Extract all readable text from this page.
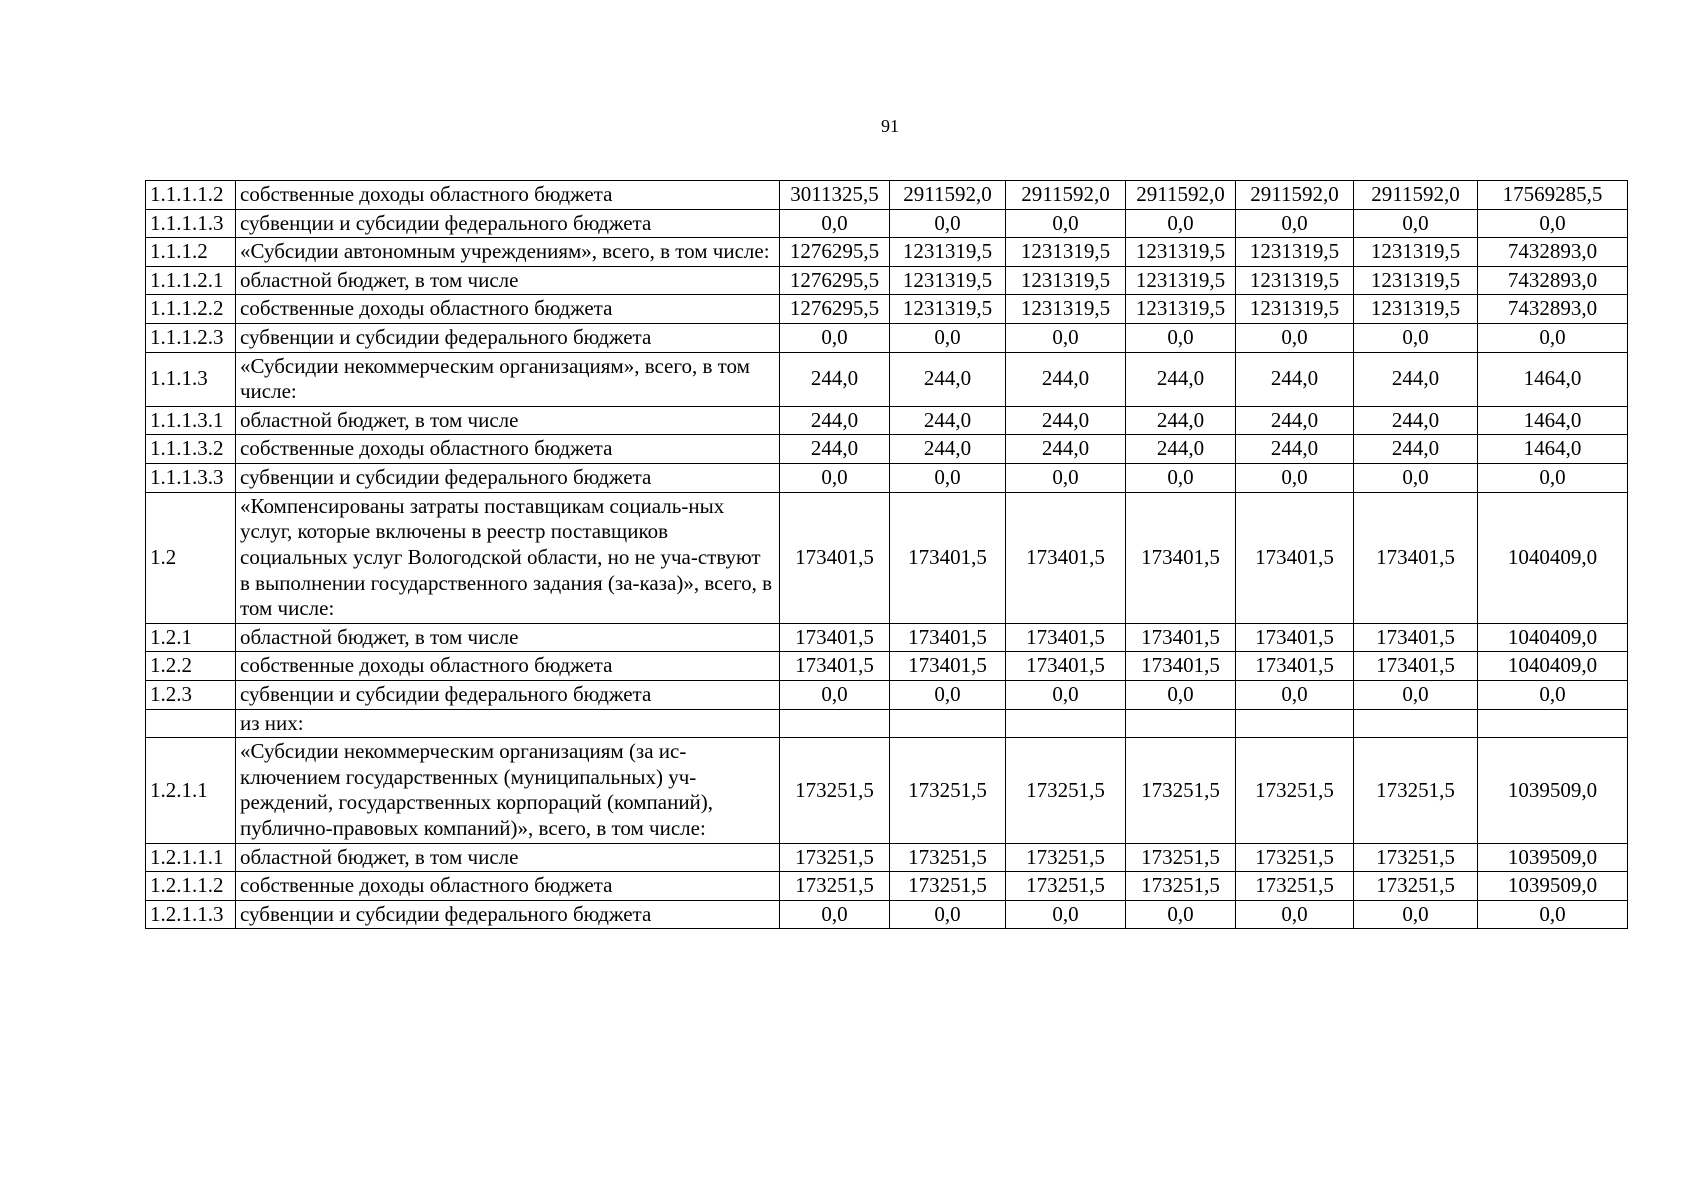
91
1.1.1.1.2	собственные доходы областного бюджета	3011325,5	2911592,0	2911592,0	2911592,0	2911592,0	2911592,0	17569285,5
1.1.1.1.3	субвенции и субсидии федерального бюджета	0,0	0,0	0,0	0,0	0,0	0,0	0,0
1.1.1.2	«Субсидии автономным учреждениям», всего, в том числе:	1276295,5	1231319,5	1231319,5	1231319,5	1231319,5	1231319,5	7432893,0
1.1.1.2.1	областной бюджет, в том числе	1276295,5	1231319,5	1231319,5	1231319,5	1231319,5	1231319,5	7432893,0
1.1.1.2.2	собственные доходы областного бюджета	1276295,5	1231319,5	1231319,5	1231319,5	1231319,5	1231319,5	7432893,0
1.1.1.2.3	субвенции и субсидии федерального бюджета	0,0	0,0	0,0	0,0	0,0	0,0	0,0
1.1.1.3	«Субсидии некоммерческим организациям», всего, в том числе:	244,0	244,0	244,0	244,0	244,0	244,0	1464,0
1.1.1.3.1	областной бюджет, в том числе	244,0	244,0	244,0	244,0	244,0	244,0	1464,0
1.1.1.3.2	собственные доходы областного бюджета	244,0	244,0	244,0	244,0	244,0	244,0	1464,0
1.1.1.3.3	субвенции и субсидии федерального бюджета	0,0	0,0	0,0	0,0	0,0	0,0	0,0
1.2	«Компенсированы затраты поставщикам социаль-ных услуг, которые включены в реестр поставщиков социальных услуг Вологодской области, но не уча-ствуют в выполнении государственного задания (за-каза)», всего, в том числе:	173401,5	173401,5	173401,5	173401,5	173401,5	173401,5	1040409,0
1.2.1	областной бюджет, в том числе	173401,5	173401,5	173401,5	173401,5	173401,5	173401,5	1040409,0
1.2.2	собственные доходы областного бюджета	173401,5	173401,5	173401,5	173401,5	173401,5	173401,5	1040409,0
1.2.3	субвенции и субсидии федерального бюджета	0,0	0,0	0,0	0,0	0,0	0,0	0,0
	из них:							
1.2.1.1	«Субсидии некоммерческим организациям (за ис-ключением государственных (муниципальных) уч-реждений, государственных корпораций (компаний), публично-правовых компаний)», всего, в том числе:	173251,5	173251,5	173251,5	173251,5	173251,5	173251,5	1039509,0
1.2.1.1.1	областной бюджет, в том числе	173251,5	173251,5	173251,5	173251,5	173251,5	173251,5	1039509,0
1.2.1.1.2	собственные доходы областного бюджета	173251,5	173251,5	173251,5	173251,5	173251,5	173251,5	1039509,0
1.2.1.1.3	субвенции и субсидии федерального бюджета	0,0	0,0	0,0	0,0	0,0	0,0	0,0
